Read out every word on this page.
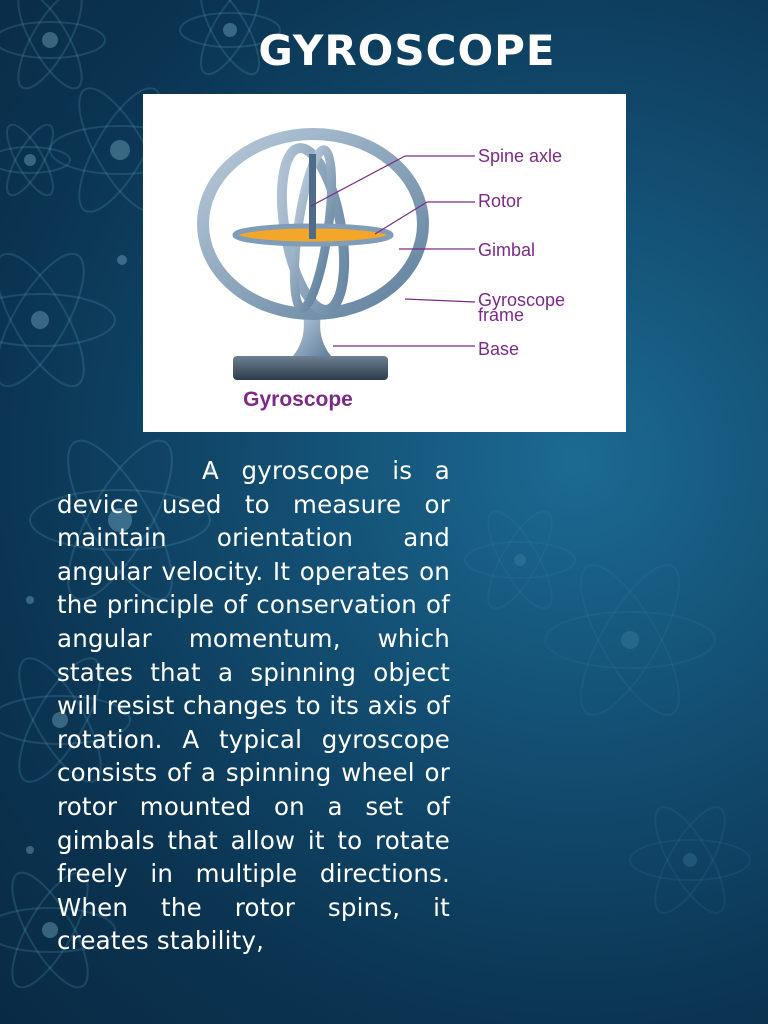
GYROSCOPE
Spine axle
Rotor
Gimbal
Gyroscope
frame
Base
Gyroscope
A gyroscope is a device used to measure or maintain orientation and angular velocity. It operates on the principle of conservation of angular momentum, which states that a spinning object will resist changes to its axis of rotation. A typical gyroscope consists of a spinning wheel or rotor mounted on a set of gimbals that allow it to rotate freely in multiple directions. When the rotor spins, it creates stability,
